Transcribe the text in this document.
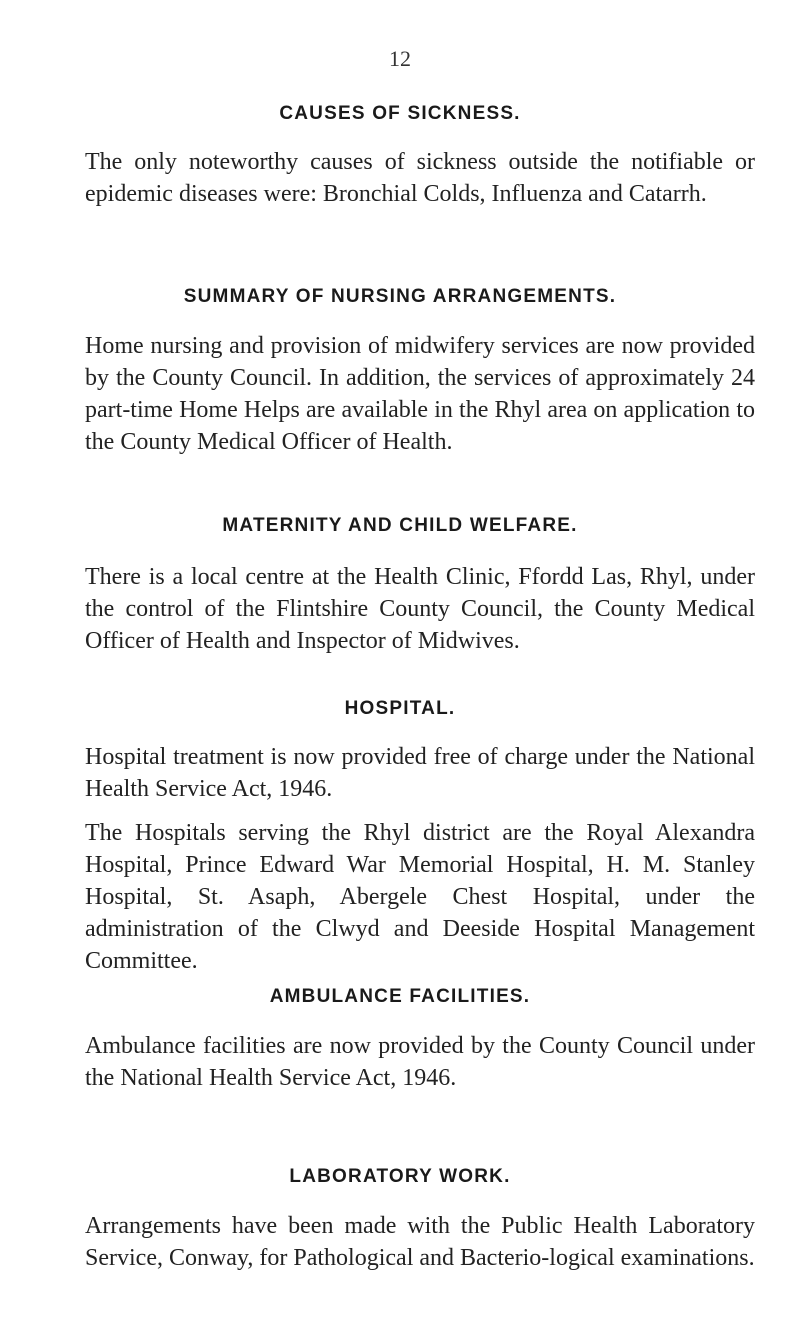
12
CAUSES OF SICKNESS.

The only noteworthy causes of sickness outside the notifiable or epidemic diseases were: Bronchial Colds, Influenza and Catarrh.

SUMMARY OF NURSING ARRANGEMENTS.

Home nursing and provision of midwifery services are now provided by the County Council. In addition, the services of approximately 24 part-time Home Helps are available in the Rhyl area on application to the County Medical Officer of Health.

MATERNITY AND CHILD WELFARE.

There is a local centre at the Health Clinic, Ffordd Las, Rhyl, under the control of the Flintshire County Council, the County Medical Officer of Health and Inspector of Midwives.

HOSPITAL.

Hospital treatment is now provided free of charge under the National Health Service Act, 1946.

The Hospitals serving the Rhyl district are the Royal Alexandra Hospital, Prince Edward War Memorial Hospital, H. M. Stanley Hospital, St. Asaph, Abergele Chest Hospital, under the administration of the Clwyd and Deeside Hospital Management Committee.

AMBULANCE FACILITIES.

Ambulance facilities are now provided by the County Council under the National Health Service Act, 1946.

LABORATORY WORK.

Arrangements have been made with the Public Health Laboratory Service, Conway, for Pathological and Bacterio-logical examinations.
